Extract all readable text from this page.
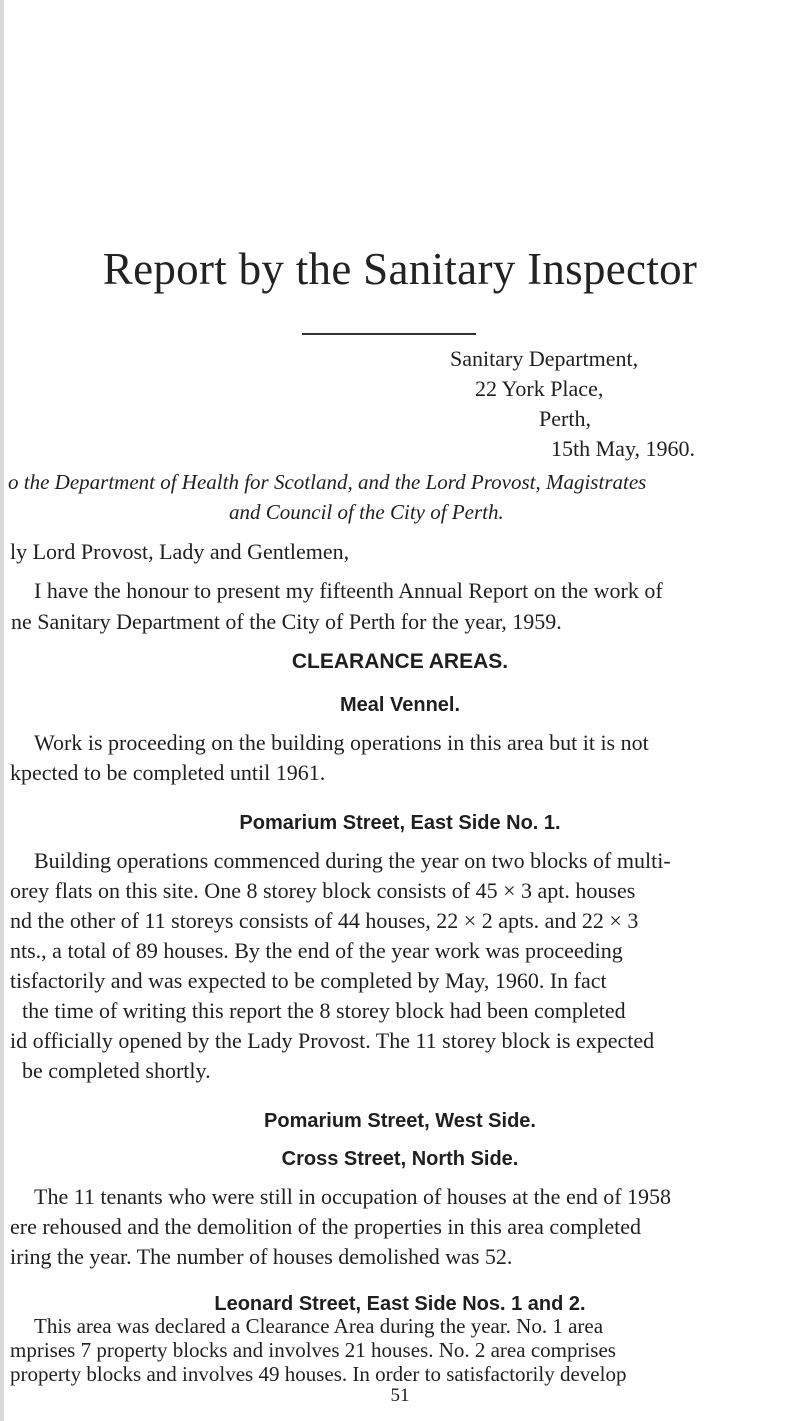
Report by the Sanitary Inspector
Sanitary Department,
22 York Place,
Perth,
15th May, 1960.
o the Department of Health for Scotland, and the Lord Provost, Magistrates
and Council of the City of Perth.
ly Lord Provost, Lady and Gentlemen,
I have the honour to present my fifteenth Annual Report on the work of
ne Sanitary Department of the City of Perth for the year, 1959.
CLEARANCE AREAS.
Meal Vennel.
Work is proceeding on the building operations in this area but it is not
kpected to be completed until 1961.
Pomarium Street, East Side No. 1.
Building operations commenced during the year on two blocks of multi-
orey flats on this site. One 8 storey block consists of 45 × 3 apt. houses
nd the other of 11 storeys consists of 44 houses, 22 × 2 apts. and 22 × 3
nts., a total of 89 houses. By the end of the year work was proceeding
tisfactorily and was expected to be completed by May, 1960. In fact
the time of writing this report the 8 storey block had been completed
id officially opened by the Lady Provost. The 11 storey block is expected
be completed shortly.
Pomarium Street, West Side.
Cross Street, North Side.
The 11 tenants who were still in occupation of houses at the end of 1958
ere rehoused and the demolition of the properties in this area completed
iring the year. The number of houses demolished was 52.
Leonard Street, East Side Nos. 1 and 2.
This area was declared a Clearance Area during the year. No. 1 area
mprises 7 property blocks and involves 21 houses. No. 2 area comprises
property blocks and involves 49 houses. In order to satisfactorily develop
51
